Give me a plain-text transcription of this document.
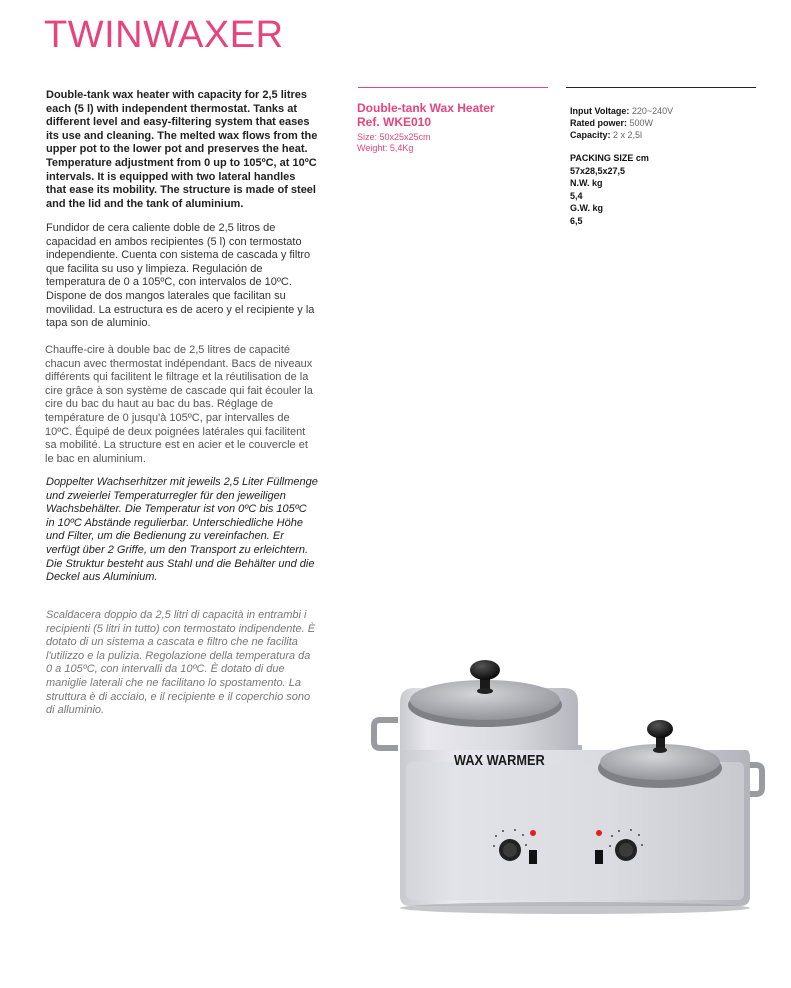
TWINWAXER
Double-tank wax heater with capacity for 2,5 litres each (5 l) with independent thermostat. Tanks at different level and easy-filtering system that eases its use and cleaning. The melted wax flows from the upper pot to the lower pot and preserves the heat. Temperature adjustment from 0 up to 105ºC, at 10ºC intervals. It is equipped with two lateral handles that ease its mobility. The structure is made of steel and the lid and the tank of aluminium.
Fundidor de cera caliente doble de 2,5 litros de capacidad en ambos recipientes (5 l) con termostato independiente. Cuenta con sistema de cascada y filtro que facilita su uso y limpieza. Regulación de temperatura de 0 a 105ºC, con intervalos de 10ºC. Dispone de dos mangos laterales que facilitan su movilidad. La estructura es de acero y el recipiente y la tapa son de aluminio.
Chauffe-cire à double bac de 2,5 litres de capacité chacun avec thermostat indépendant. Bacs de niveaux différents qui facilitent le filtrage et la réutilisation de la cire grâce à son système de cascade qui fait écouler la cire du bac du haut au bac du bas. Réglage de température de 0 jusqu'à 105ºC, par intervalles de 10ºC. Équipé de deux poignées latérales qui facilitent sa mobilité. La structure est en acier et le couvercle et le bac en aluminium.
Doppelter Wachserhitzer mit jeweils 2,5 Liter Füllmenge und zweierlei Temperaturregler für den jeweiligen Wachsbehälter. Die Temperatur ist von 0ºC bis 105ºC in 10ºC Abstände regulierbar. Unterschiedliche Höhe und Filter, um die Bedienung zu vereinfachen. Er verfügt über 2 Griffe, um den Transport zu erleichtern. Die Struktur besteht aus Stahl und die Behälter und die Deckel aus Aluminium.
Scaldacera doppio da 2,5 litri di capacità in entrambi i recipienti (5 litri in tutto) con termostato indipendente. È dotato di un sistema a cascata e filtro che ne facilita l'utilizzo e la pulizia. Regolazione della temperatura da 0 a 105ºC, con intervalli da 10ºC. È dotato di due maniglie laterali che ne facilitano lo spostamento. La struttura è di acciaio, e il recipiente e il coperchio sono di alluminio.
Double-tank Wax Heater
Ref. WKE010
Size: 50x25x25cm
Weight: 5,4Kg
Input Voltage: 220~240V
Rated power: 500W
Capacity: 2 x 2,5l
PACKING SIZE cm
57x28,5x27,5
N.W. kg
5,4
G.W. kg
6,5
WAX WARMER
